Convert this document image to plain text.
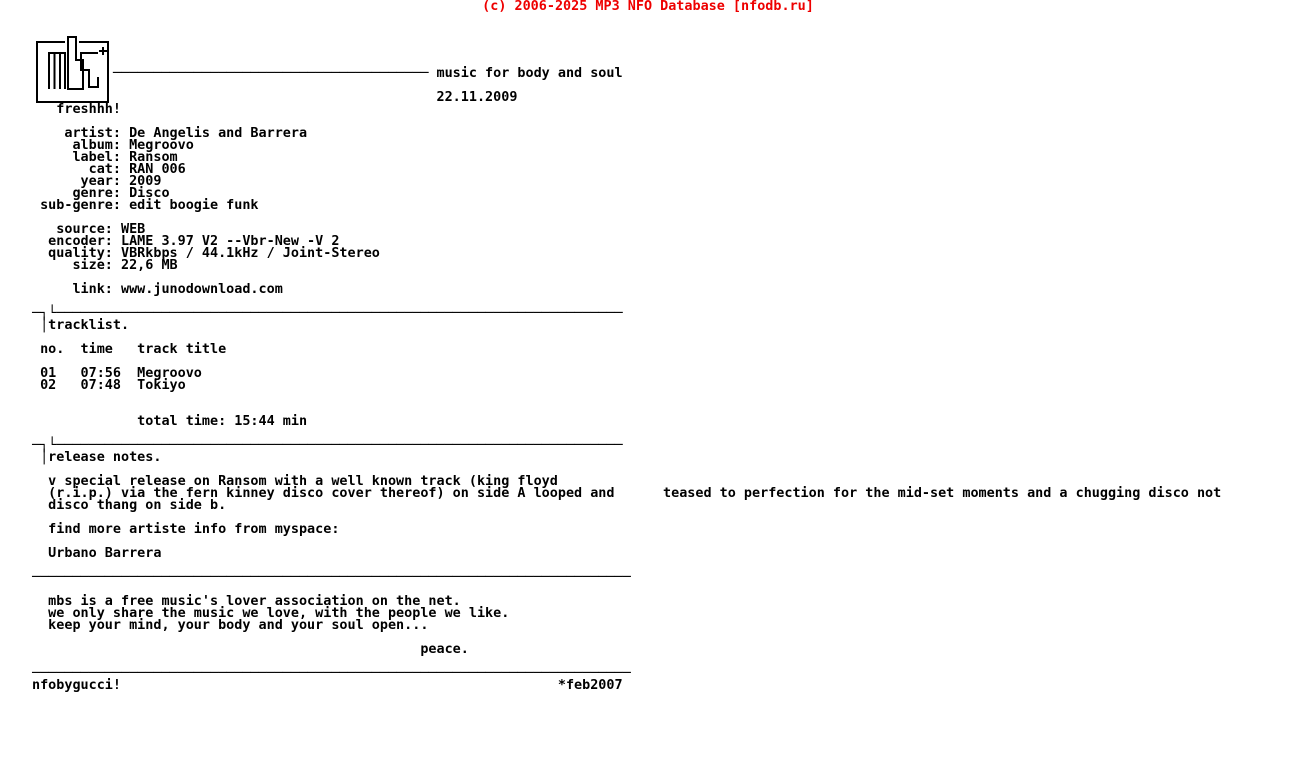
(c) 2006-2025 MP3 NFO Database [nfodb.ru]
─────────────────────────────────────── music for body and soul
22.11.2009
freshhh!
artist: De Angelis and Barrera
album: Megroovo
label: Ransom
cat: RAN 006
year: 2009
genre: Disco
sub-genre: edit boogie funk
source: WEB
encoder: LAME 3.97 V2 --Vbr-New -V 2
quality: VBRkbps / 44.1kHz / Joint-Stereo
size: 22,6 MB
link: www.junodownload.com
─┐└──────────────────────────────────────────────────────────────────────
│tracklist.
no.  time   track title
01   07:56  Megroovo
02   07:48  Tokiyo
total time: 15:44 min
─┐└──────────────────────────────────────────────────────────────────────
│release notes.
v special release on Ransom with a well known track (king floyd
(r.i.p.) via the fern kinney disco cover thereof) on side A looped and      teased to perfection for the mid-set moments and a chugging disco not
disco thang on side b.
find more artiste info from myspace:
Urbano Barrera
──────────────────────────────────────────────────────────────────────────
mbs is a free music's lover association on the net.
we only share the music we love, with the people we like.
keep your mind, your body and your soul open...
peace.
──────────────────────────────────────────────────────────────────────────
nfobygucci!                                                      *feb2007
